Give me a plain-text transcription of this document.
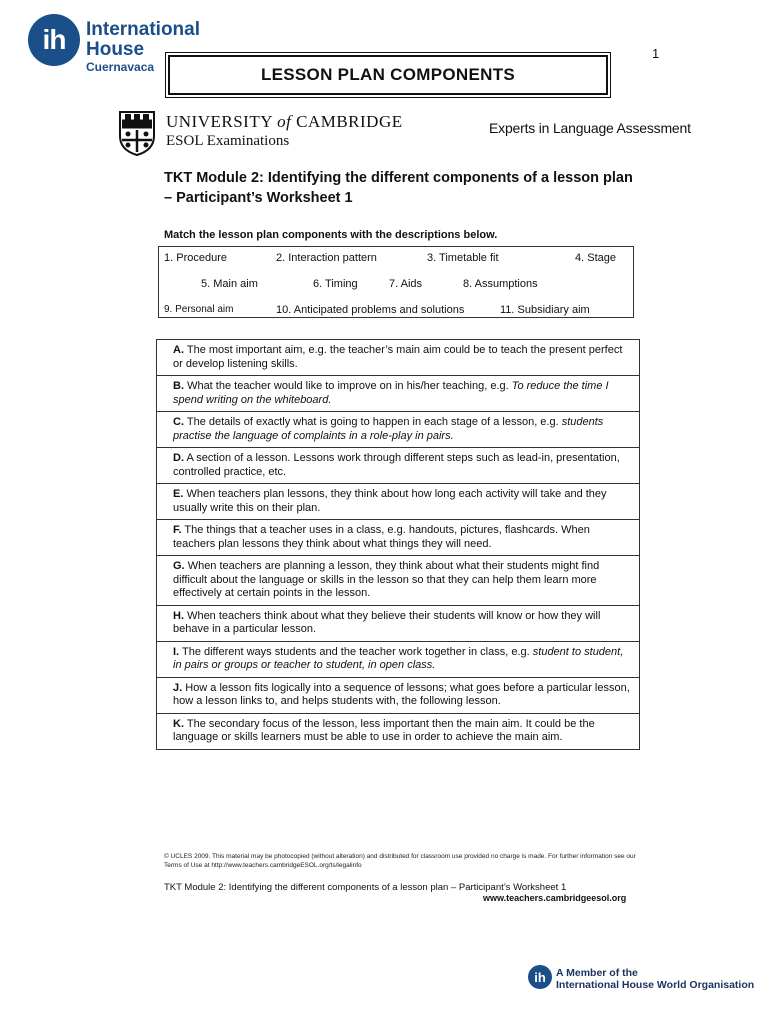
ih	International
House
Cuernavaca
1
LESSON PLAN COMPONENTS
UNIVERSITY of CAMBRIDGE
ESOL Examinations
Experts in Language Assessment
TKT Module 2: Identifying the different components of a lesson plan – Participant’s Worksheet 1
Match the lesson plan components with the descriptions below.
1. Procedure	2. Interaction pattern	3. Timetable fit	4. Stage
5. Main aim	6. Timing	7. Aids	8. Assumptions
9. Personal aim	10. Anticipated problems and solutions	11. Subsidiary aim
A. The most important aim, e.g. the teacher’s main aim could be to teach the present perfect or develop listening skills.
B. What the teacher would like to improve on in his/her teaching, e.g. To reduce the time I spend writing on the whiteboard.
C. The details of exactly what is going to happen in each stage of a lesson, e.g. students practise the language of complaints in a role-play in pairs.
D. A section of a lesson. Lessons work through different steps such as lead-in, presentation, controlled practice, etc.
E. When teachers plan lessons, they think about how long each activity will take and they usually write this on their plan.
F. The things that a teacher uses in a class, e.g. handouts, pictures, flashcards. When teachers plan lessons they think about what things they will need.
G. When teachers are planning a lesson, they think about what their students might find difficult about the language or skills in the lesson so that they can help them learn more effectively at certain points in the lesson.
H. When teachers think about what they believe their students will know or how they will behave in a particular lesson.
I. The different ways students and the teacher work together in class, e.g. student to student, in pairs or groups or teacher to student, in open class.
J. How a lesson fits logically into a sequence of lessons; what goes before a particular lesson, how a lesson links to, and helps students with, the following lesson.
K. The secondary focus of the lesson, less important then the main aim. It could be the language or skills learners must be able to use in order to achieve the main aim.
© UCLES 2009. This material may be photocopied (without alteration) and distributed for classroom use provided no charge is made. For further information see our Terms of Use at http://www.teachers.cambridgeESOL.org/ts/legalinfo
TKT Module 2: Identifying the different components of a lesson plan – Participant’s Worksheet 1
www.teachers.cambridgeesol.org
ih A Member of the
International House World Organisation
